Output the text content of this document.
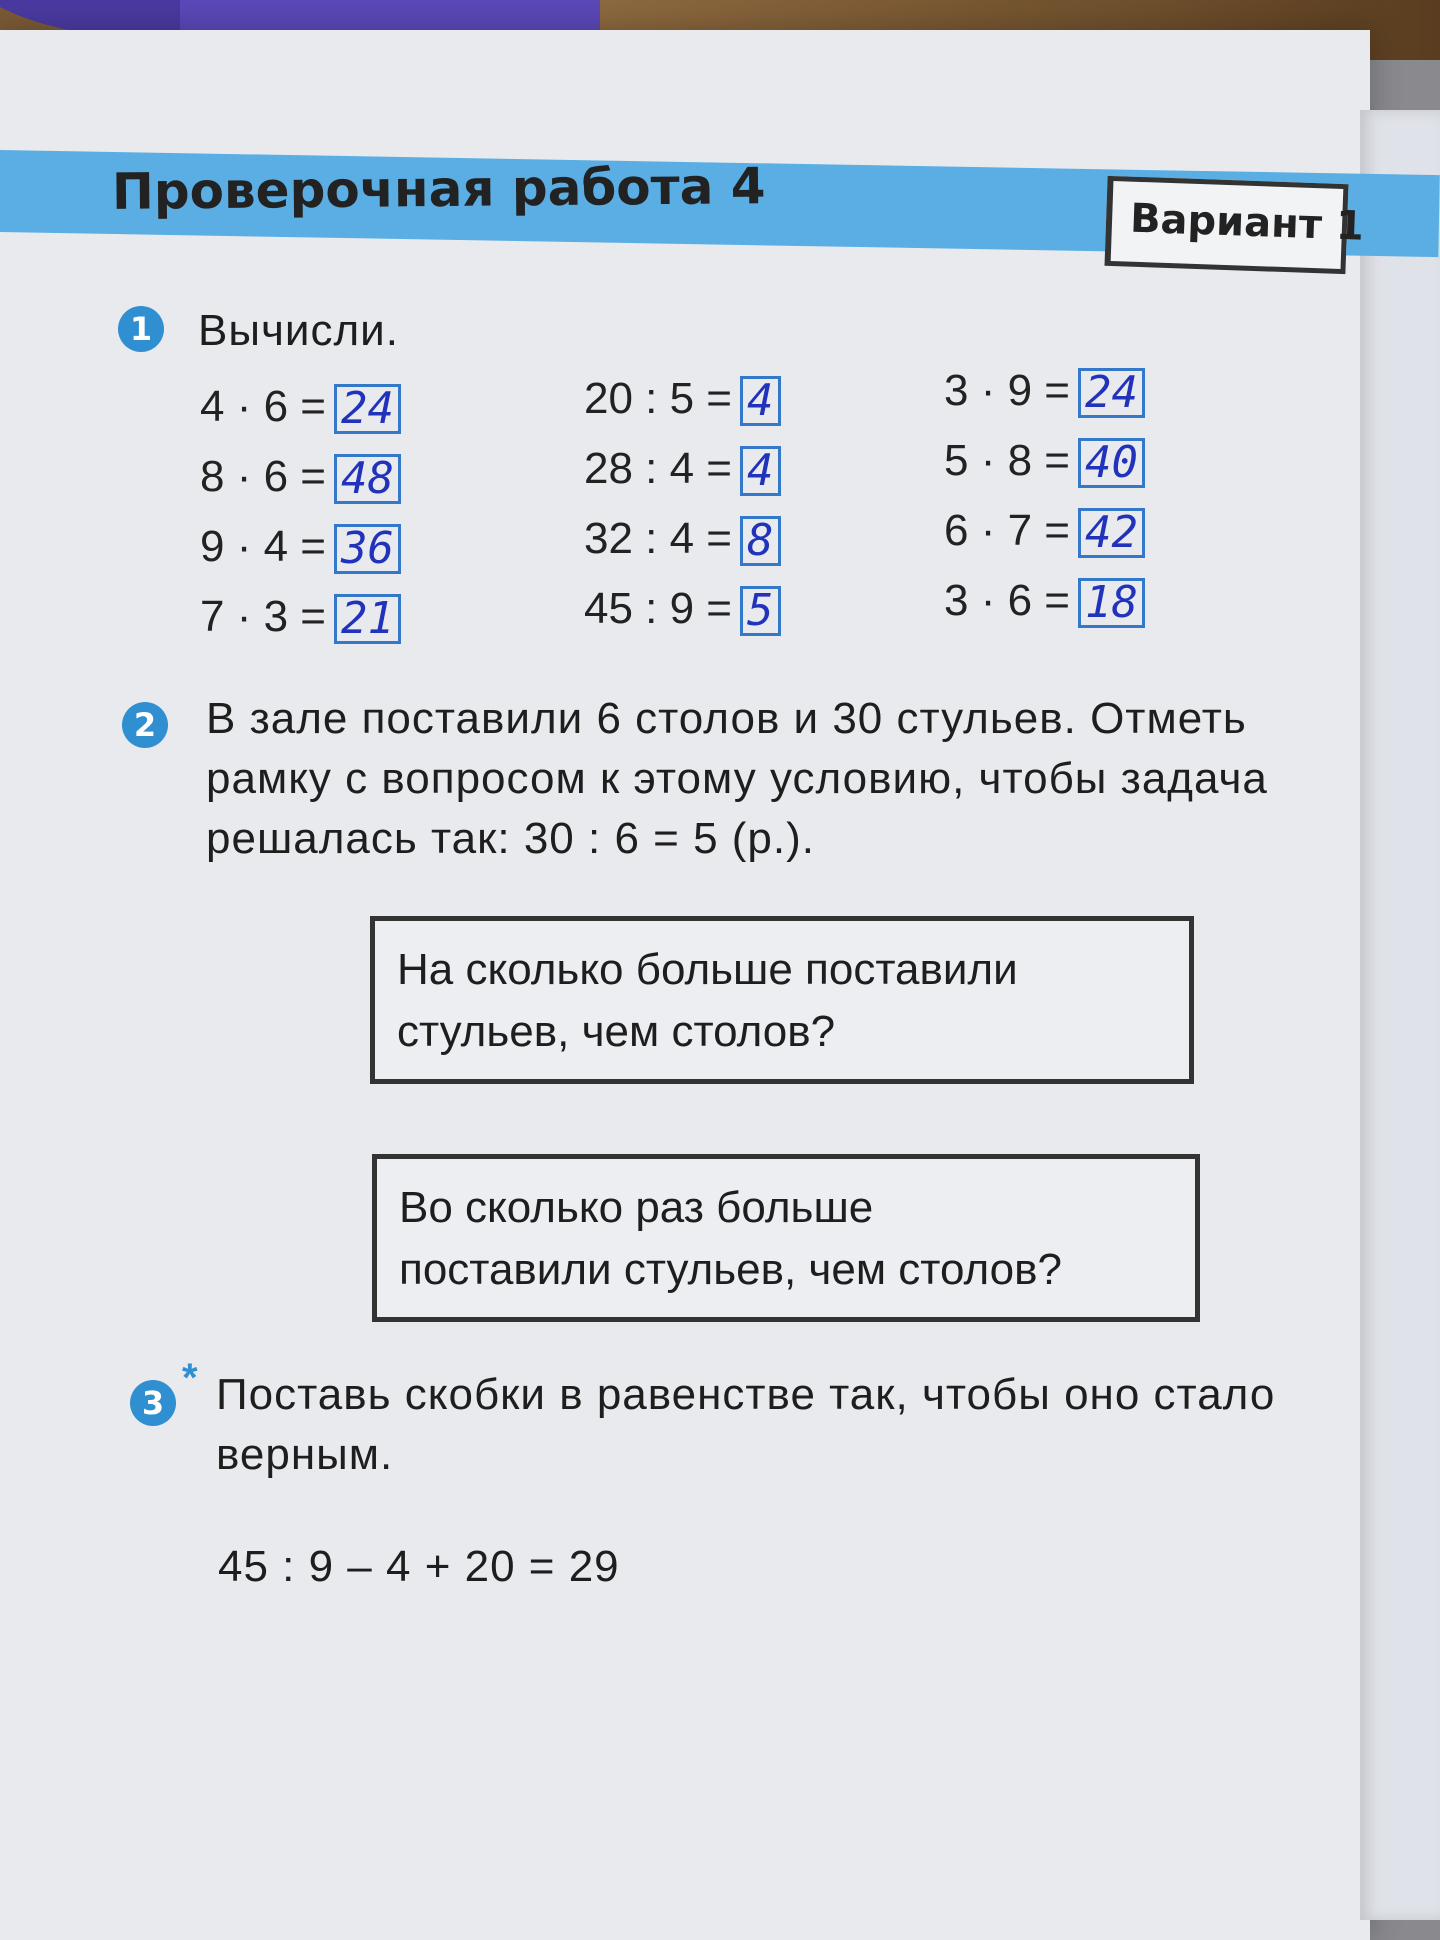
Проверочная работа 4
Вариант 1
1 Вычисли.
4 · 6 = 24
8 · 6 = 48
9 · 4 = 36
7 · 3 = 21
20 : 5 = 4
28 : 4 = 4
32 : 4 = 8
45 : 9 = 5
3 · 9 = 24
5 · 8 = 40
6 · 7 = 42
3 · 6 = 18
2 В зале поставили 6 столов и 30 стульев. Отметь
рамку с вопросом к этому условию, чтобы задача
решалась так: 30 : 6 = 5 (р.).
На сколько больше поставили
стульев, чем столов?
Во сколько раз больше
поставили стульев, чем столов?
3
* Поставь скобки в равенстве так, чтобы оно стало
верным.
45 : 9 – 4 + 20 = 29
